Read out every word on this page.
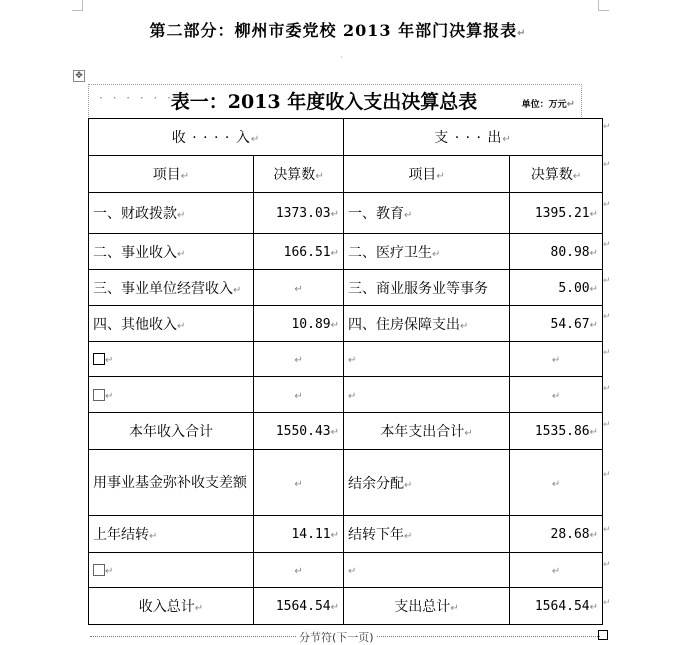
第二部分：柳州市委党校 2013 年部门决算报表↵
·
✥
· · · · · ·
表一：2013 年度收入支出决算总表	单位：万元↵
收 · · · · 入↵		支 · · · 出↵	
项目↵	决算数↵	项目↵	决算数↵
一、财政拨款↵	1373.03↵	一、教育↵	1395.21↵
二、事业收入↵	166.51↵	二、医疗卫生↵	80.98↵
三、事业单位经营收入↵	↵	三、商业服务业等事务	5.00↵
四、其他收入↵	10.89↵	四、住房保障支出↵	54.67↵
↵	↵	↵	↵
↵	↵	↵	↵
本年收入合计	1550.43↵	本年支出合计↵	1535.86↵
用事业基金弥补收支差额	↵	结余分配↵	↵
上年结转↵	14.11↵	结转下年↵	28.68↵
↵	↵	↵	↵
收入总计↵	1564.54↵	支出总计↵	1564.54↵
↵
↵
↵
↵
↵
↵
↵
↵
↵
↵
↵
↵
↵
分节符(下一页)
